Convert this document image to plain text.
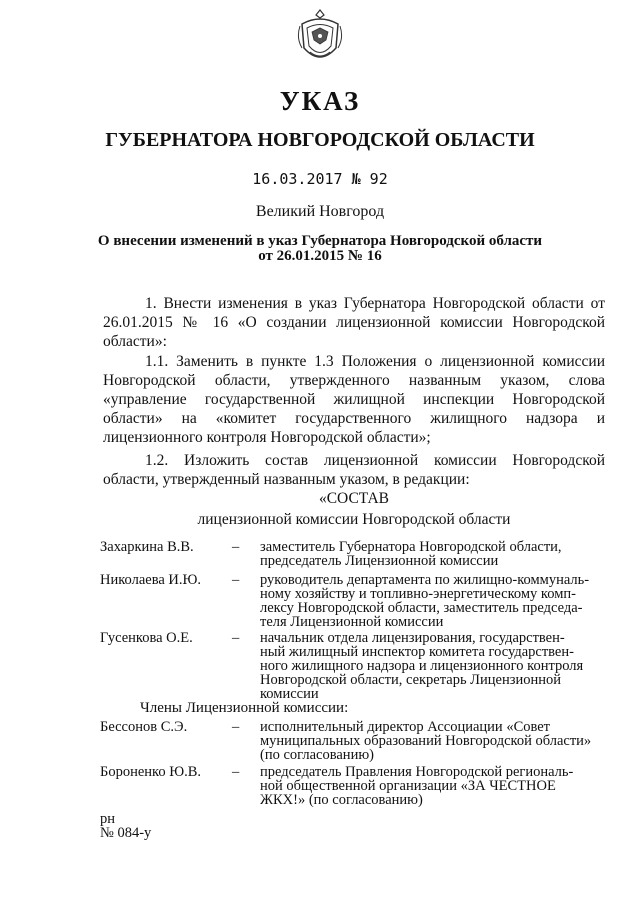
УКАЗ
ГУБЕРНАТОРА НОВГОРОДСКОЙ ОБЛАСТИ
16.03.2017 № 92
Великий Новгород
О внесении изменений в указ Губернатора Новгородской области
от 26.01.2015 № 16
1. Внести изменения в указ Губернатора Новгородской области от 26.01.2015 № 16 «О создании лицензионной комиссии Новгородской области»:
1.1. Заменить в пункте 1.3 Положения о лицензионной комиссии Новгородской области, утвержденного названным указом, слова «управление государственной жилищной инспекции Новгородской области» на «комитет государственного жилищного надзора и лицензионного контроля Новгородской области»;
1.2. Изложить состав лицензионной комиссии Новгородской области, утвержденный названным указом, в редакции:
«СОСТАВ
лицензионной комиссии Новгородской области
Захаркина В.В.	– заместитель Губернатора Новгородской области,
председатель Лицензионной комиссии
Николаева И.Ю. – руководитель департамента по жилищно-коммуналь-
ному хозяйству и топливно-энергетическому комп-
лексу Новгородской области, заместитель председа-
теля Лицензионной комиссии
Гусенкова О.Е.	– начальник отдела лицензирования, государствен-
ный жилищный инспектор комитета государствен-
ного жилищного надзора и лицензионного контроля
Новгородской области, секретарь Лицензионной
комиссии
Члены Лицензионной комиссии:
Бессонов С.Э.	– исполнительный директор Ассоциации «Совет
муниципальных образований Новгородской области»
(по согласованию)
Бороненко Ю.В. – председатель Правления Новгородской региональ-
ной общественной организации «ЗА ЧЕСТНОЕ
ЖКХ!» (по согласованию)
рн
№ 084-у
